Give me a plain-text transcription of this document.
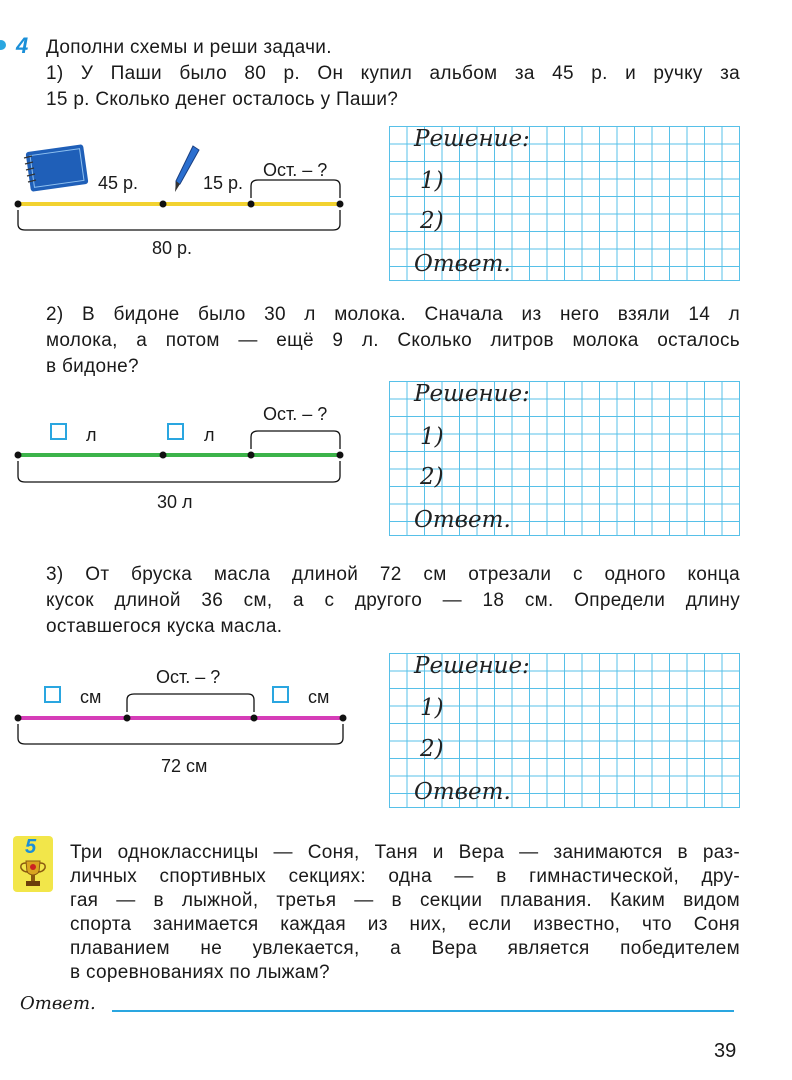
4 Дополни схемы и реши задачи.
1) У Паши было 80 р. Он купил альбом за 45 р. и ручку за
15 р. Сколько денег осталось у Паши?
45 р.	15 р.
Ост. – ?
80 р.
Решение:
1)
2)
Ответ.
2) В бидоне было 30 л молока. Сначала из него взяли 14 л
молока, а потом — ещё 9 л. Сколько литров молока осталось
в бидоне?
л	л
Ост. – ?
30 л
Решение:
1)
2)
Ответ.
3) От бруска масла длиной 72 см отрезали с одного конца
кусок длиной 36 см, а с другого — 18 см. Определи длину
оставшегося куска масла.
см	см
Ост. – ?
72 см
Решение:
1)
2)
Ответ.
5 Три одноклассницы — Соня, Таня и Вера — занимаются в раз-
личных спортивных секциях: одна — в гимнастической, дру-
гая — в лыжной, третья — в секции плавания. Каким видом
спорта занимается каждая из них, если известно, что Соня
плаванием не увлекается, а Вера является победителем
в соревнованиях по лыжам?
Ответ.
39
